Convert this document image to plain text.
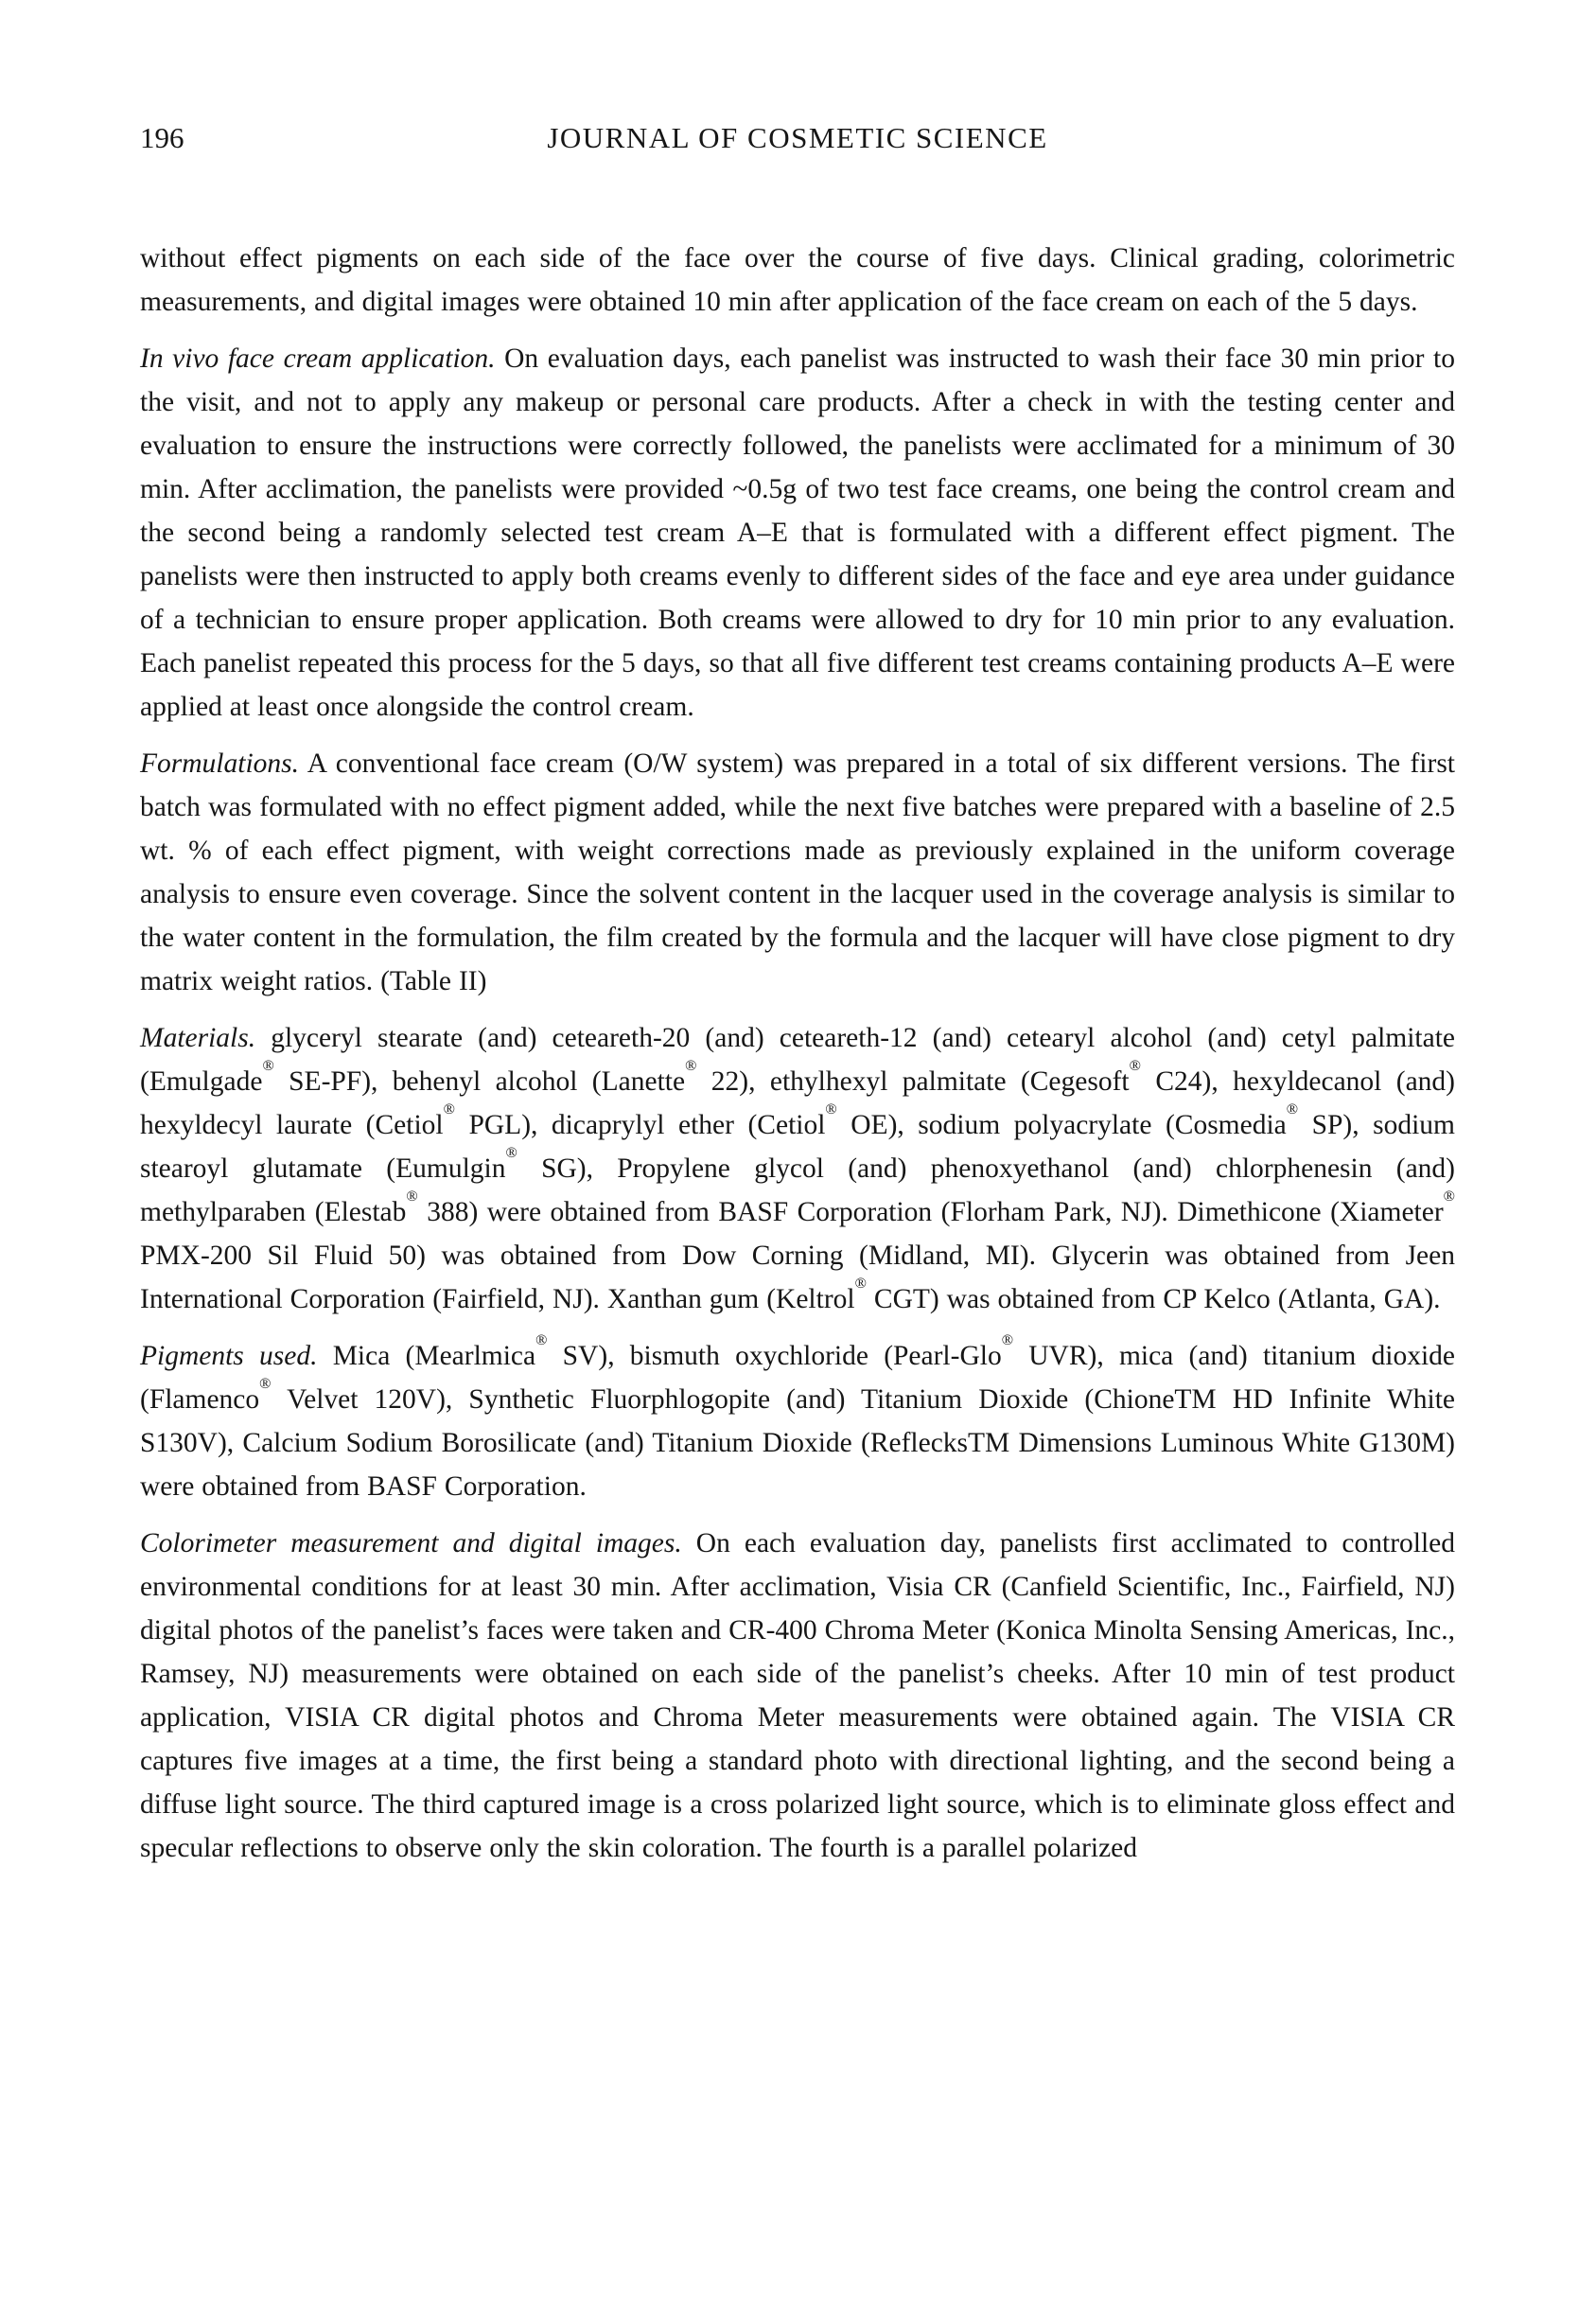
196	JOURNAL OF COSMETIC SCIENCE

without effect pigments on each side of the face over the course of five days. Clinical grading, colorimetric measurements, and digital images were obtained 10 min after application of the face cream on each of the 5 days.

In vivo face cream application. On evaluation days, each panelist was instructed to wash their face 30 min prior to the visit, and not to apply any makeup or personal care products. After a check in with the testing center and evaluation to ensure the instructions were correctly followed, the panelists were acclimated for a minimum of 30 min. After acclimation, the panelists were provided ~0.5g of two test face creams, one being the control cream and the second being a randomly selected test cream A–E that is formulated with a different effect pigment. The panelists were then instructed to apply both creams evenly to different sides of the face and eye area under guidance of a technician to ensure proper application. Both creams were allowed to dry for 10 min prior to any evaluation. Each panelist repeated this process for the 5 days, so that all five different test creams containing products A–E were applied at least once alongside the control cream.

Formulations. A conventional face cream (O/W system) was prepared in a total of six different versions. The first batch was formulated with no effect pigment added, while the next five batches were prepared with a baseline of 2.5 wt. % of each effect pigment, with weight corrections made as previously explained in the uniform coverage analysis to ensure even coverage. Since the solvent content in the lacquer used in the coverage analysis is similar to the water content in the formulation, the film created by the formula and the lacquer will have close pigment to dry matrix weight ratios. (Table II)

Materials. glyceryl stearate (and) ceteareth-20 (and) ceteareth-12 (and) cetearyl alcohol (and) cetyl palmitate (Emulgade® SE-PF), behenyl alcohol (Lanette® 22), ethylhexyl palmitate (Cegesoft® C24), hexyldecanol (and) hexyldecyl laurate (Cetiol® PGL), dicaprylyl ether (Cetiol® OE), sodium polyacrylate (Cosmedia® SP), sodium stearoyl glutamate (Eumulgin® SG), Propylene glycol (and) phenoxyethanol (and) chlorphenesin (and) methylparaben (Elestab® 388) were obtained from BASF Corporation (Florham Park, NJ). Dimethicone (Xiameter® PMX-200 Sil Fluid 50) was obtained from Dow Corning (Midland, MI). Glycerin was obtained from Jeen International Corporation (Fairfield, NJ). Xanthan gum (Keltrol® CGT) was obtained from CP Kelco (Atlanta, GA).

Pigments used. Mica (Mearlmica® SV), bismuth oxychloride (Pearl-Glo® UVR), mica (and) titanium dioxide (Flamenco® Velvet 120V), Synthetic Fluorphlogopite (and) Titanium Dioxide (ChioneTM HD Infinite White S130V), Calcium Sodium Borosilicate (and) Titanium Dioxide (ReflecksTM Dimensions Luminous White G130M) were obtained from BASF Corporation.

Colorimeter measurement and digital images. On each evaluation day, panelists first acclimated to controlled environmental conditions for at least 30 min. After acclimation, Visia CR (Canfield Scientific, Inc., Fairfield, NJ) digital photos of the panelist’s faces were taken and CR-400 Chroma Meter (Konica Minolta Sensing Americas, Inc., Ramsey, NJ) measurements were obtained on each side of the panelist’s cheeks. After 10 min of test product application, VISIA CR digital photos and Chroma Meter measurements were obtained again. The VISIA CR captures five images at a time, the first being a standard photo with directional lighting, and the second being a diffuse light source. The third captured image is a cross polarized light source, which is to eliminate gloss effect and specular reflections to observe only the skin coloration. The fourth is a parallel polarized
